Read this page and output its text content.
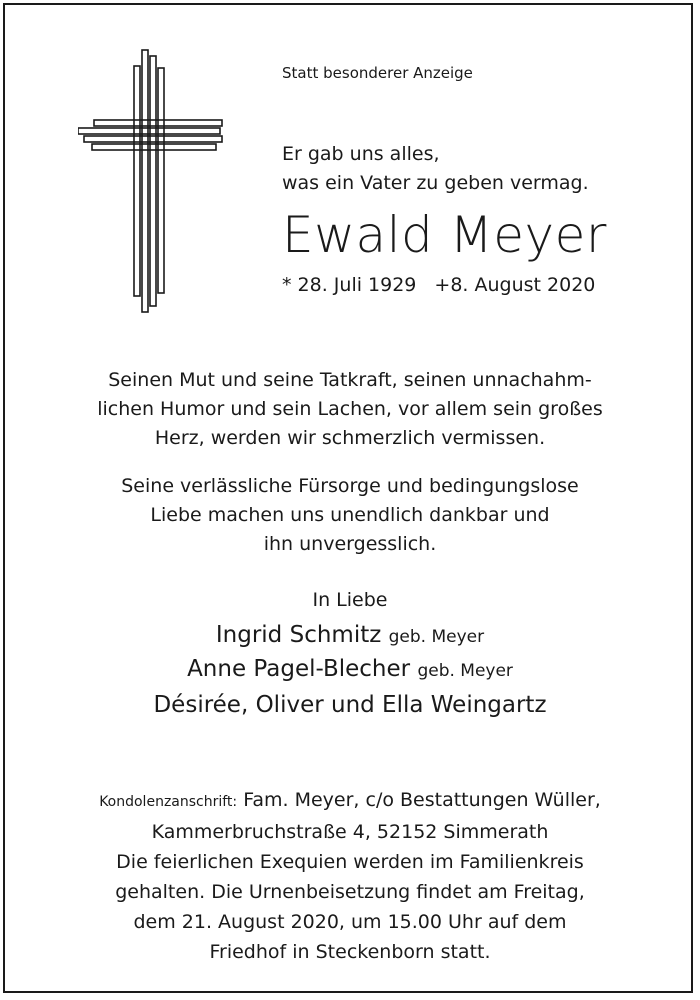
Statt besonderer Anzeige
Er gab uns alles,
was ein Vater zu geben vermag.
Ewald Meyer
* 28. Juli 1929 +8. August 2020
Seinen Mut und seine Tatkraft, seinen unnachahm-
lichen Humor und sein Lachen, vor allem sein großes
Herz, werden wir schmerzlich vermissen.
Seine verlässliche Fürsorge und bedingungslose
Liebe machen uns unendlich dankbar und
ihn unvergesslich.
In Liebe
Ingrid Schmitz geb. Meyer
Anne Pagel-Blecher geb. Meyer
Désirée, Oliver und Ella Weingartz
Kondolenzanschrift: Fam. Meyer, c/o Bestattungen Wüller,
Kammerbruchstraße 4, 52152 Simmerath
Die feierlichen Exequien werden im Familienkreis
gehalten. Die Urnenbeisetzung findet am Freitag,
dem 21. August 2020, um 15.00 Uhr auf dem
Friedhof in Steckenborn statt.
